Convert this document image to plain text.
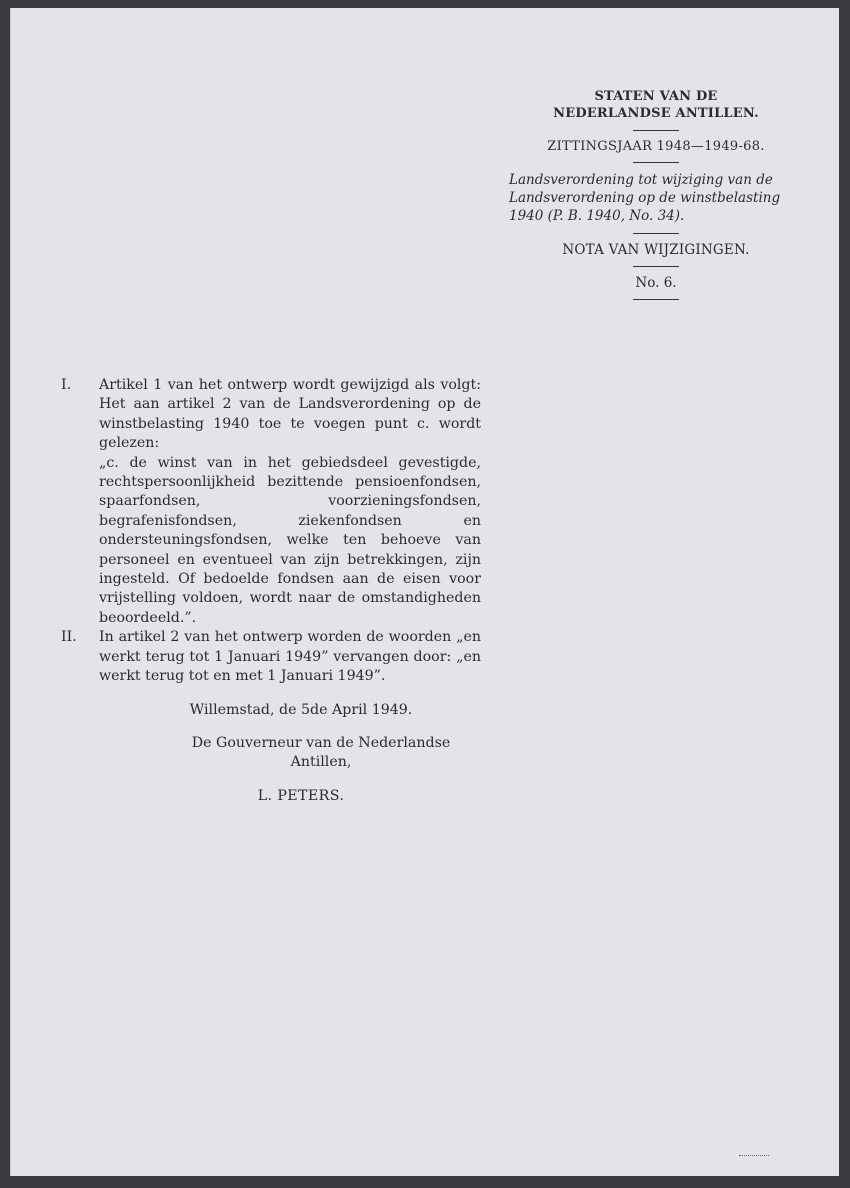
STATEN VAN DE
NEDERLANDSE ANTILLEN.
ZITTINGSJAAR 1948—1949-68.
Landsverordening tot wijziging van de Landsverordening op de winstbelasting 1940 (P. B. 1940, No. 34).
NOTA VAN WIJZIGINGEN.
No. 6.
I.	Artikel 1 van het ontwerp wordt gewijzigd als volgt: Het aan artikel 2 van de Landsverordening op de winstbelasting 1940 toe te voegen punt c. wordt gelezen:
„c. de winst van in het gebiedsdeel gevestigde, rechtspersoonlijkheid bezittende pensioenfondsen, spaarfondsen, voorzieningsfondsen, begrafenisfondsen, ziekenfondsen en ondersteuningsfondsen, welke ten behoeve van personeel en eventueel van zijn betrekkingen, zijn ingesteld. Of bedoelde fondsen aan de eisen voor vrijstelling voldoen, wordt naar de omstandigheden beoordeeld.”.
II.	In artikel 2 van het ontwerp worden de woorden „en werkt terug tot 1 Januari 1949” vervangen door: „en werkt terug tot en met 1 Januari 1949”.
Willemstad, de 5de April 1949.
De Gouverneur van de Nederlandse Antillen,
L. PETERS.
